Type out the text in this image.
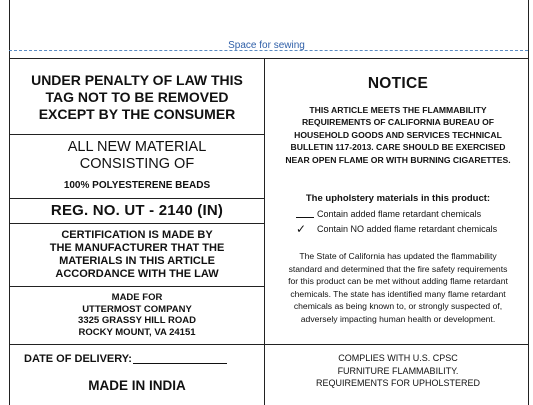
Space for sewing
UNDER PENALTY OF LAW THIS
TAG NOT TO BE REMOVED
EXCEPT BY THE CONSUMER
ALL NEW MATERIAL
CONSISTING OF
100% POLYESTERENE BEADS
REG. NO. UT - 2140 (IN)
CERTIFICATION IS MADE BY
THE MANUFACTURER THAT THE
MATERIALS IN THIS ARTICLE
ACCORDANCE WITH THE LAW
MADE FOR
UTTERMOST COMPANY
3325 GRASSY HILL ROAD
ROCKY MOUNT, VA 24151
DATE OF DELIVERY:
MADE IN INDIA
NOTICE
THIS ARTICLE MEETS THE FLAMMABILITY
REQUIREMENTS OF CALIFORNIA BUREAU OF
HOUSEHOLD GOODS AND SERVICES TECHNICAL
BULLETIN 117-2013. CARE SHOULD BE EXERCISED
NEAR OPEN FLAME OR WITH BURNING CIGARETTES.
The upholstery materials in this product:
Contain added flame retardant chemicals
✓ Contain NO added flame retardant chemicals
The State of California has updated the flammability
standard and determined that the fire safety requirements
for this product can be met without adding flame retardant
chemicals. The state has identified many flame retardant
chemicals as being known to, or strongly suspected of,
adversely impacting human health or development.
COMPLIES WITH U.S. CPSC
FURNITURE FLAMMABILITY.
REQUIREMENTS FOR UPHOLSTERED
